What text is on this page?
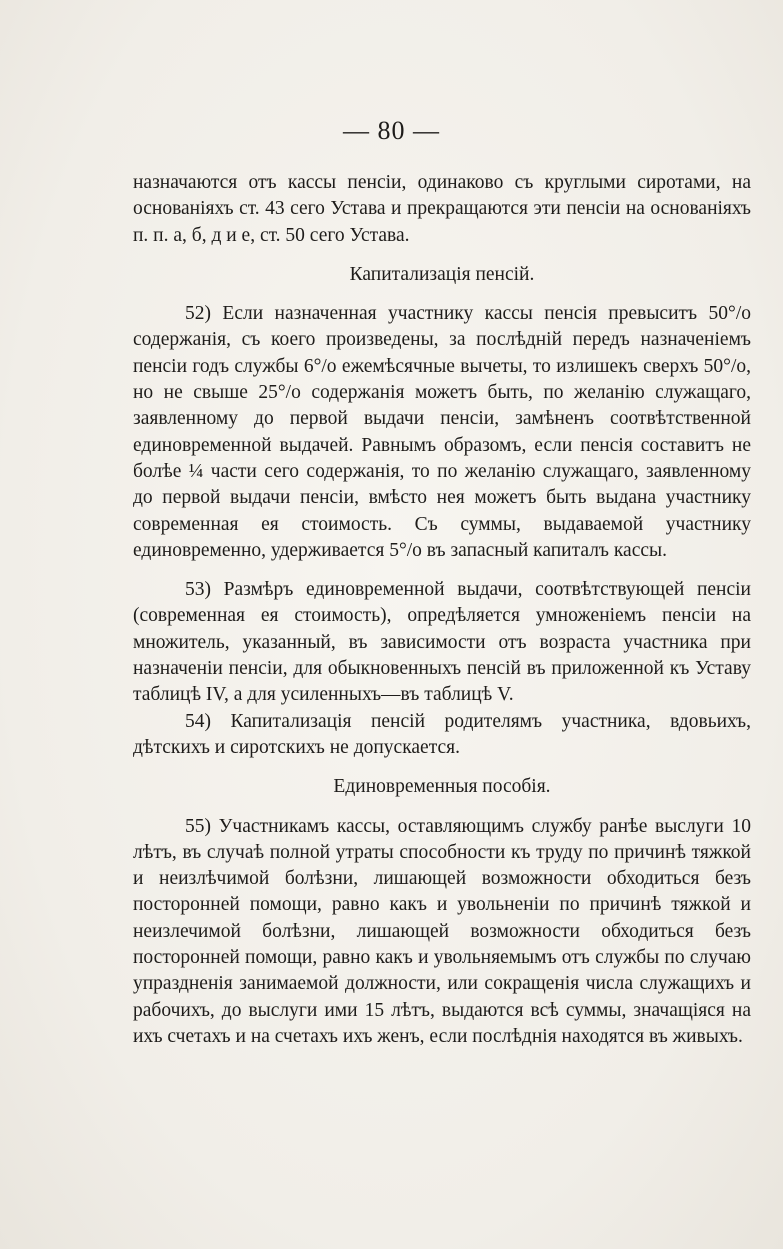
— 80 —

назначаются отъ кассы пенсіи, одинаково съ круглыми сиротами, на основаніяхъ ст. 43 сего Устава и прекращаются эти пенсіи на основаніяхъ п. п. а, б, д и е, ст. 50 сего Устава.

Капитализація пенсій.

52) Если назначенная участнику кассы пенсія превыситъ 50°/о содержанія, съ коего произведены, за послѣдній передъ назначеніемъ пенсіи годъ службы 6°/о ежемѣсячные вычеты, то излишекъ сверхъ 50°/о, но не свыше 25°/о содержанія можетъ быть, по желанію служащаго, заявленному до первой выдачи пенсіи, замѣненъ соотвѣтственной единовременной выдачей. Равнымъ образомъ, если пенсія составитъ не болѣе ¼ части сего содержанія, то по желанію служащаго, заявленному до первой выдачи пенсіи, вмѣсто нея можетъ быть выдана участнику современная ея стоимость. Съ суммы, выдаваемой участнику единовременно, удерживается 5°/о въ запасный капиталъ кассы.

53) Размѣръ единовременной выдачи, соотвѣтствующей пенсіи (современная ея стоимость), опредѣляется умноженіемъ пенсіи на множитель, указанный, въ зависимости отъ возраста участника при назначеніи пенсіи, для обыкновенныхъ пенсій въ приложенной къ Уставу таблицѣ IV, а для усиленныхъ—въ таблицѣ V.

54) Капитализація пенсій родителямъ участника, вдовьихъ, дѣтскихъ и сиротскихъ не допускается.

Единовременныя пособія.

55) Участникамъ кассы, оставляющимъ службу ранѣе выслуги 10 лѣтъ, въ случаѣ полной утраты способности къ труду по причинѣ тяжкой и неизлѣчимой болѣзни, лишающей возможности обходиться безъ посторонней помощи, равно какъ и увольненіи по причинѣ тяжкой и неизлечимой болѣзни, лишающей возможности обходиться безъ посторонней помощи, равно какъ и увольняемымъ отъ службы по случаю упраздненія занимаемой должности, или сокращенія числа служащихъ и рабочихъ, до выслуги ими 15 лѣтъ, выдаются всѣ суммы, значащіяся на ихъ счетахъ и на счетахъ ихъ женъ, если послѣднія находятся въ живыхъ.
